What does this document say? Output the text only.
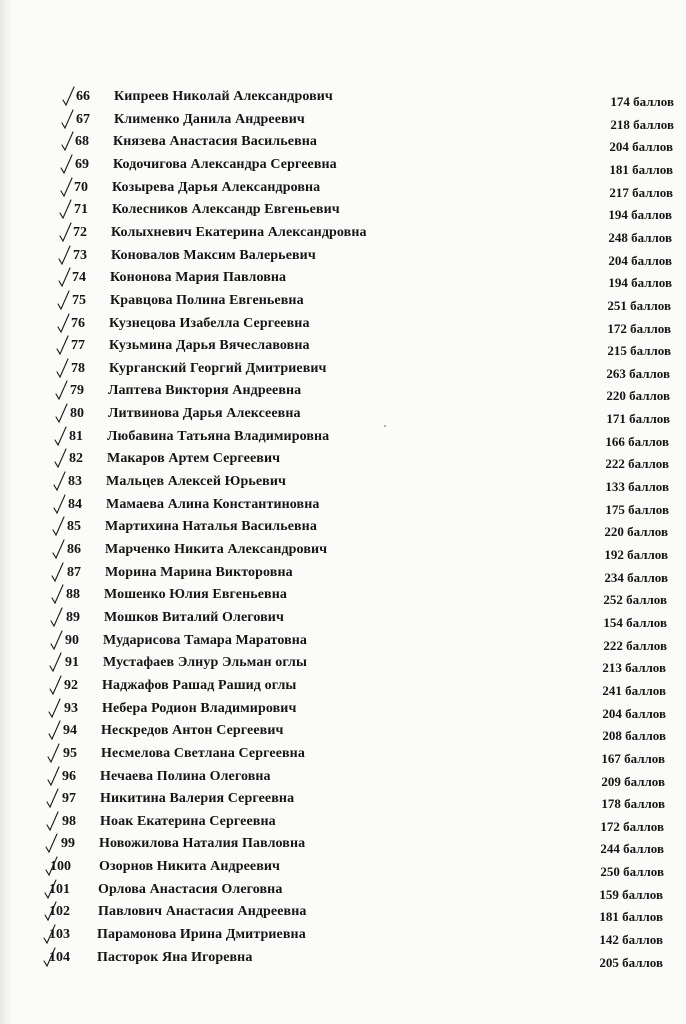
66 Кипреев Николай Александрович	174 баллов
67 Клименко Данила Андреевич	218 баллов
68 Князева Анастасия Васильевна	204 баллов
69 Кодочигова Александра Сергеевна	181 баллов
70 Козырева Дарья Александровна	217 баллов
71 Колесников Александр Евгеньевич	194 баллов
72 Колыхневич Екатерина Александровна	248 баллов
73 Коновалов Максим Валерьевич	204 баллов
74 Кононова Мария Павловна	194 баллов
75 Кравцова Полина Евгеньевна	251 баллов
76 Кузнецова Изабелла Сергеевна	172 баллов
77 Кузьмина Дарья Вячеславовна	215 баллов
78 Курганский Георгий Дмитриевич	263 баллов
79 Лаптева Виктория Андреевна	220 баллов
80 Литвинова Дарья Алексеевна	171 баллов
81 Любавина Татьяна Владимировна	166 баллов
82 Макаров Артем Сергеевич	222 баллов
83 Мальцев Алексей Юрьевич	133 баллов
84 Мамаева Алина Константиновна	175 баллов
85 Мартихина Наталья Васильевна	220 баллов
86 Марченко Никита Александрович	192 баллов
87 Морина Марина Викторовна	234 баллов
88 Мошенко Юлия Евгеньевна	252 баллов
89 Мошков Виталий Олегович	154 баллов
90 Мударисова Тамара Маратовна	222 баллов
91 Мустафаев Элнур Эльман оглы	213 баллов
92 Наджафов Рашад Рашид оглы	241 баллов
93 Небера Родион Владимирович	204 баллов
94 Нескредов Антон Сергеевич	208 баллов
95 Несмелова Светлана Сергеевна	167 баллов
96 Нечаева Полина Олеговна	209 баллов
97 Никитина Валерия Сергеевна	178 баллов
98 Ноак Екатерина Сергеевна	172 баллов
99 Новожилова Наталия Павловна	244 баллов
100 Озорнов Никита Андреевич	250 баллов
101 Орлова Анастасия Олеговна	159 баллов
102 Павлович Анастасия Андреевна	181 баллов
103 Парамонова Ирина Дмитриевна	142 баллов
104 Пасторок Яна Игоревна	205 баллов
